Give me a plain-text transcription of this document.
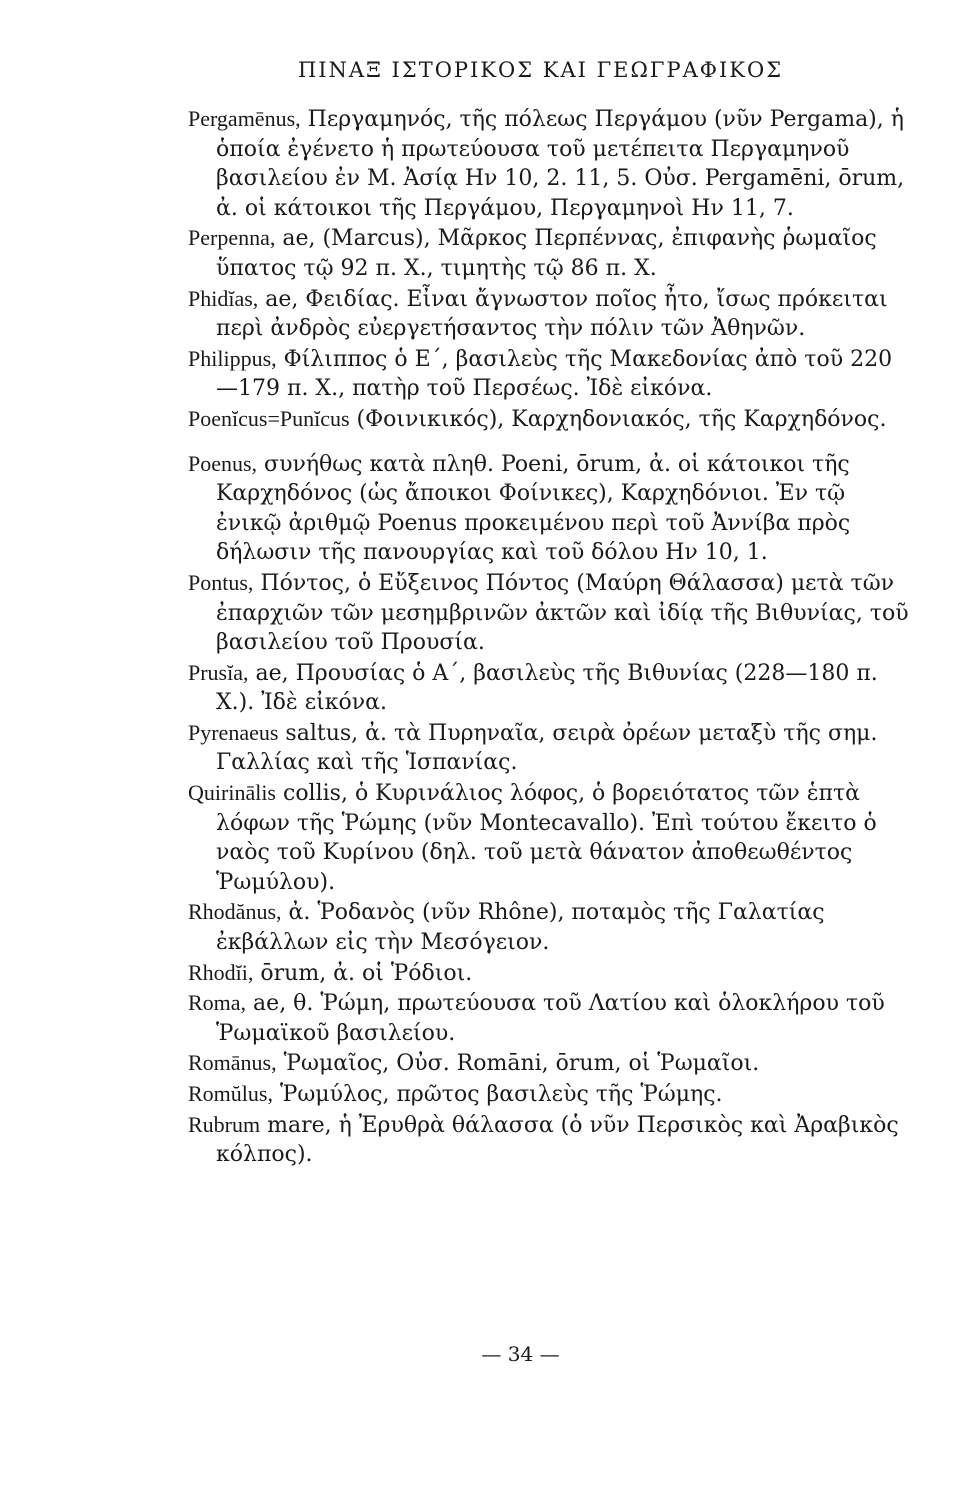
ΠΙΝΑΞ ΙΣΤΟΡΙΚΟΣ ΚΑΙ ΓΕΩΓΡΑΦΙΚΟΣ

Pergamēnus, Περγαμηνός, τῆς πόλεως Περγάμου (νῦν Pergama), ἡ ὁποία ἐγένετο ἡ πρωτεύουσα τοῦ μετέπειτα Περγαμηνοῦ βασιλείου ἐν Μ. Ἀσίᾳ Ην 10, 2. 11, 5. Οὐσ. Pergamēni, ōrum, ἀ. οἱ κάτοικοι τῆς Περγάμου, Περγαμηνοὶ Ην 11, 7.

Perpenna, ae, (Marcus), Μᾶρκος Περπέννας, ἐπιφανὴς ῥωμαῖος ὕπατος τῷ 92 π. Χ., τιμητὴς τῷ 86 π. Χ.

Phidĭas, ae, Φειδίας. Εἶναι ἄγνωστον ποῖος ἦτο, ἴσως πρόκειται περὶ ἀνδρὸς εὐεργετήσαντος τὴν πόλιν τῶν Ἀθηνῶν.

Philippus, Φίλιππος ὁ Ε΄, βασιλεὺς τῆς Μακεδονίας ἀπὸ τοῦ 220—179 π. Χ., πατὴρ τοῦ Περσέως. Ἰδὲ εἰκόνα.

Poenĭcus=Punĭcus (Φοινικικός), Καρχηδονιακός, τῆς Καρχηδόνος.

Poenus, συνήθως κατὰ πληθ. Poeni, ōrum, ἀ. οἱ κάτοικοι τῆς Καρχηδόνος (ὡς ἄποικοι Φοίνικες), Καρχηδόνιοι. Ἐν τῷ ἐνικῷ ἀριθμῷ Poenus προκειμένου περὶ τοῦ Ἀννίβα πρὸς δήλωσιν τῆς πανουργίας καὶ τοῦ δόλου Ην 10, 1.

Pontus, Πόντος, ὁ Εὔξεινος Πόντος (Μαύρη Θάλασσα) μετὰ τῶν ἐπαρχιῶν τῶν μεσημβρινῶν ἀκτῶν καὶ ἰδίᾳ τῆς Βιθυνίας, τοῦ βασιλείου τοῦ Προυσία.

Prusĭa, ae, Προυσίας ὁ Α΄, βασιλεὺς τῆς Βιθυνίας (228—180 π. Χ.). Ἰδὲ εἰκόνα.

Pyrenaeus saltus, ἀ. τὰ Πυρηναῖα, σειρὰ ὀρέων μεταξὺ τῆς σημ. Γαλλίας καὶ τῆς Ἱσπανίας.

Quirinālis collis, ὁ Κυρινάλιος λόφος, ὁ βορειότατος τῶν ἑπτὰ λόφων τῆς Ῥώμης (νῦν Montecavallo). Ἐπὶ τούτου ἔκειτο ὁ ναὸς τοῦ Κυρίνου (δηλ. τοῦ μετὰ θάνατον ἀποθεωθέντος Ῥωμύλου).

Rhodănus, ἀ. Ῥοδανὸς (νῦν Rhône), ποταμὸς τῆς Γαλατίας ἐκβάλλων εἰς τὴν Μεσόγειον.

Rhodĭi, ōrum, ἀ. οἱ Ῥόδιοι.

Roma, ae, θ. Ῥώμη, πρωτεύουσα τοῦ Λατίου καὶ ὁλοκλήρου τοῦ Ῥωμαϊκοῦ βασιλείου.

Romānus, Ῥωμαῖος, Οὐσ. Romāni, ōrum, οἱ Ῥωμαῖοι.

Romŭlus, Ῥωμύλος, πρῶτος βασιλεὺς τῆς Ῥώμης.

Rubrum mare, ἡ Ἐρυθρὰ θάλασσα (ὁ νῦν Περσικὸς καὶ Ἀραβικὸς κόλπος).

— 34 —
